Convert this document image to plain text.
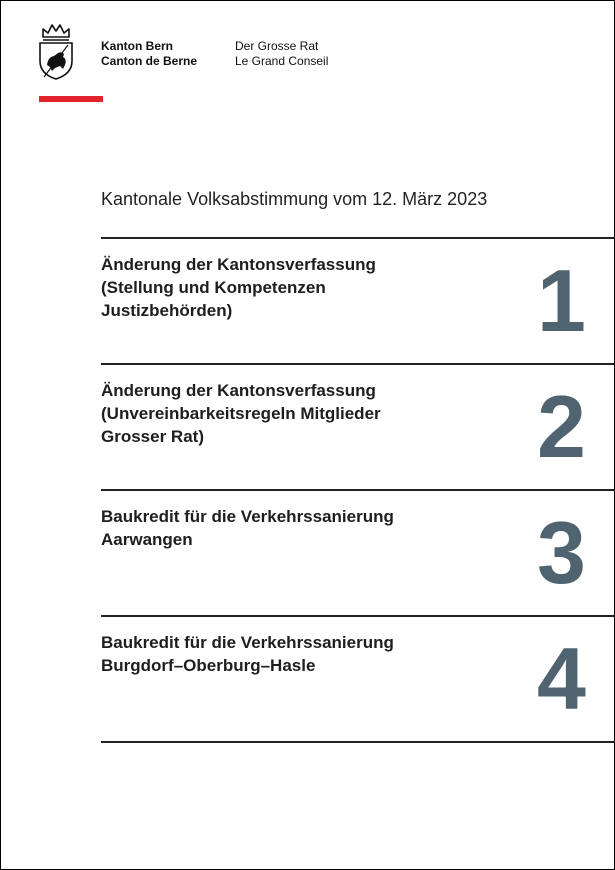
Kanton Bern
Canton de Berne
Der Grosse Rat
Le Grand Conseil
Kantonale Volksabstimmung vom 12. März 2023
Änderung der Kantonsverfassung
(Stellung und Kompetenzen
Justizbehörden)	1
Änderung der Kantonsverfassung
(Unvereinbarkeitsregeln Mitglieder
Grosser Rat)	2
Baukredit für die Verkehrssanierung
Aarwangen	3
Baukredit für die Verkehrssanierung
Burgdorf–Oberburg–Hasle	4
